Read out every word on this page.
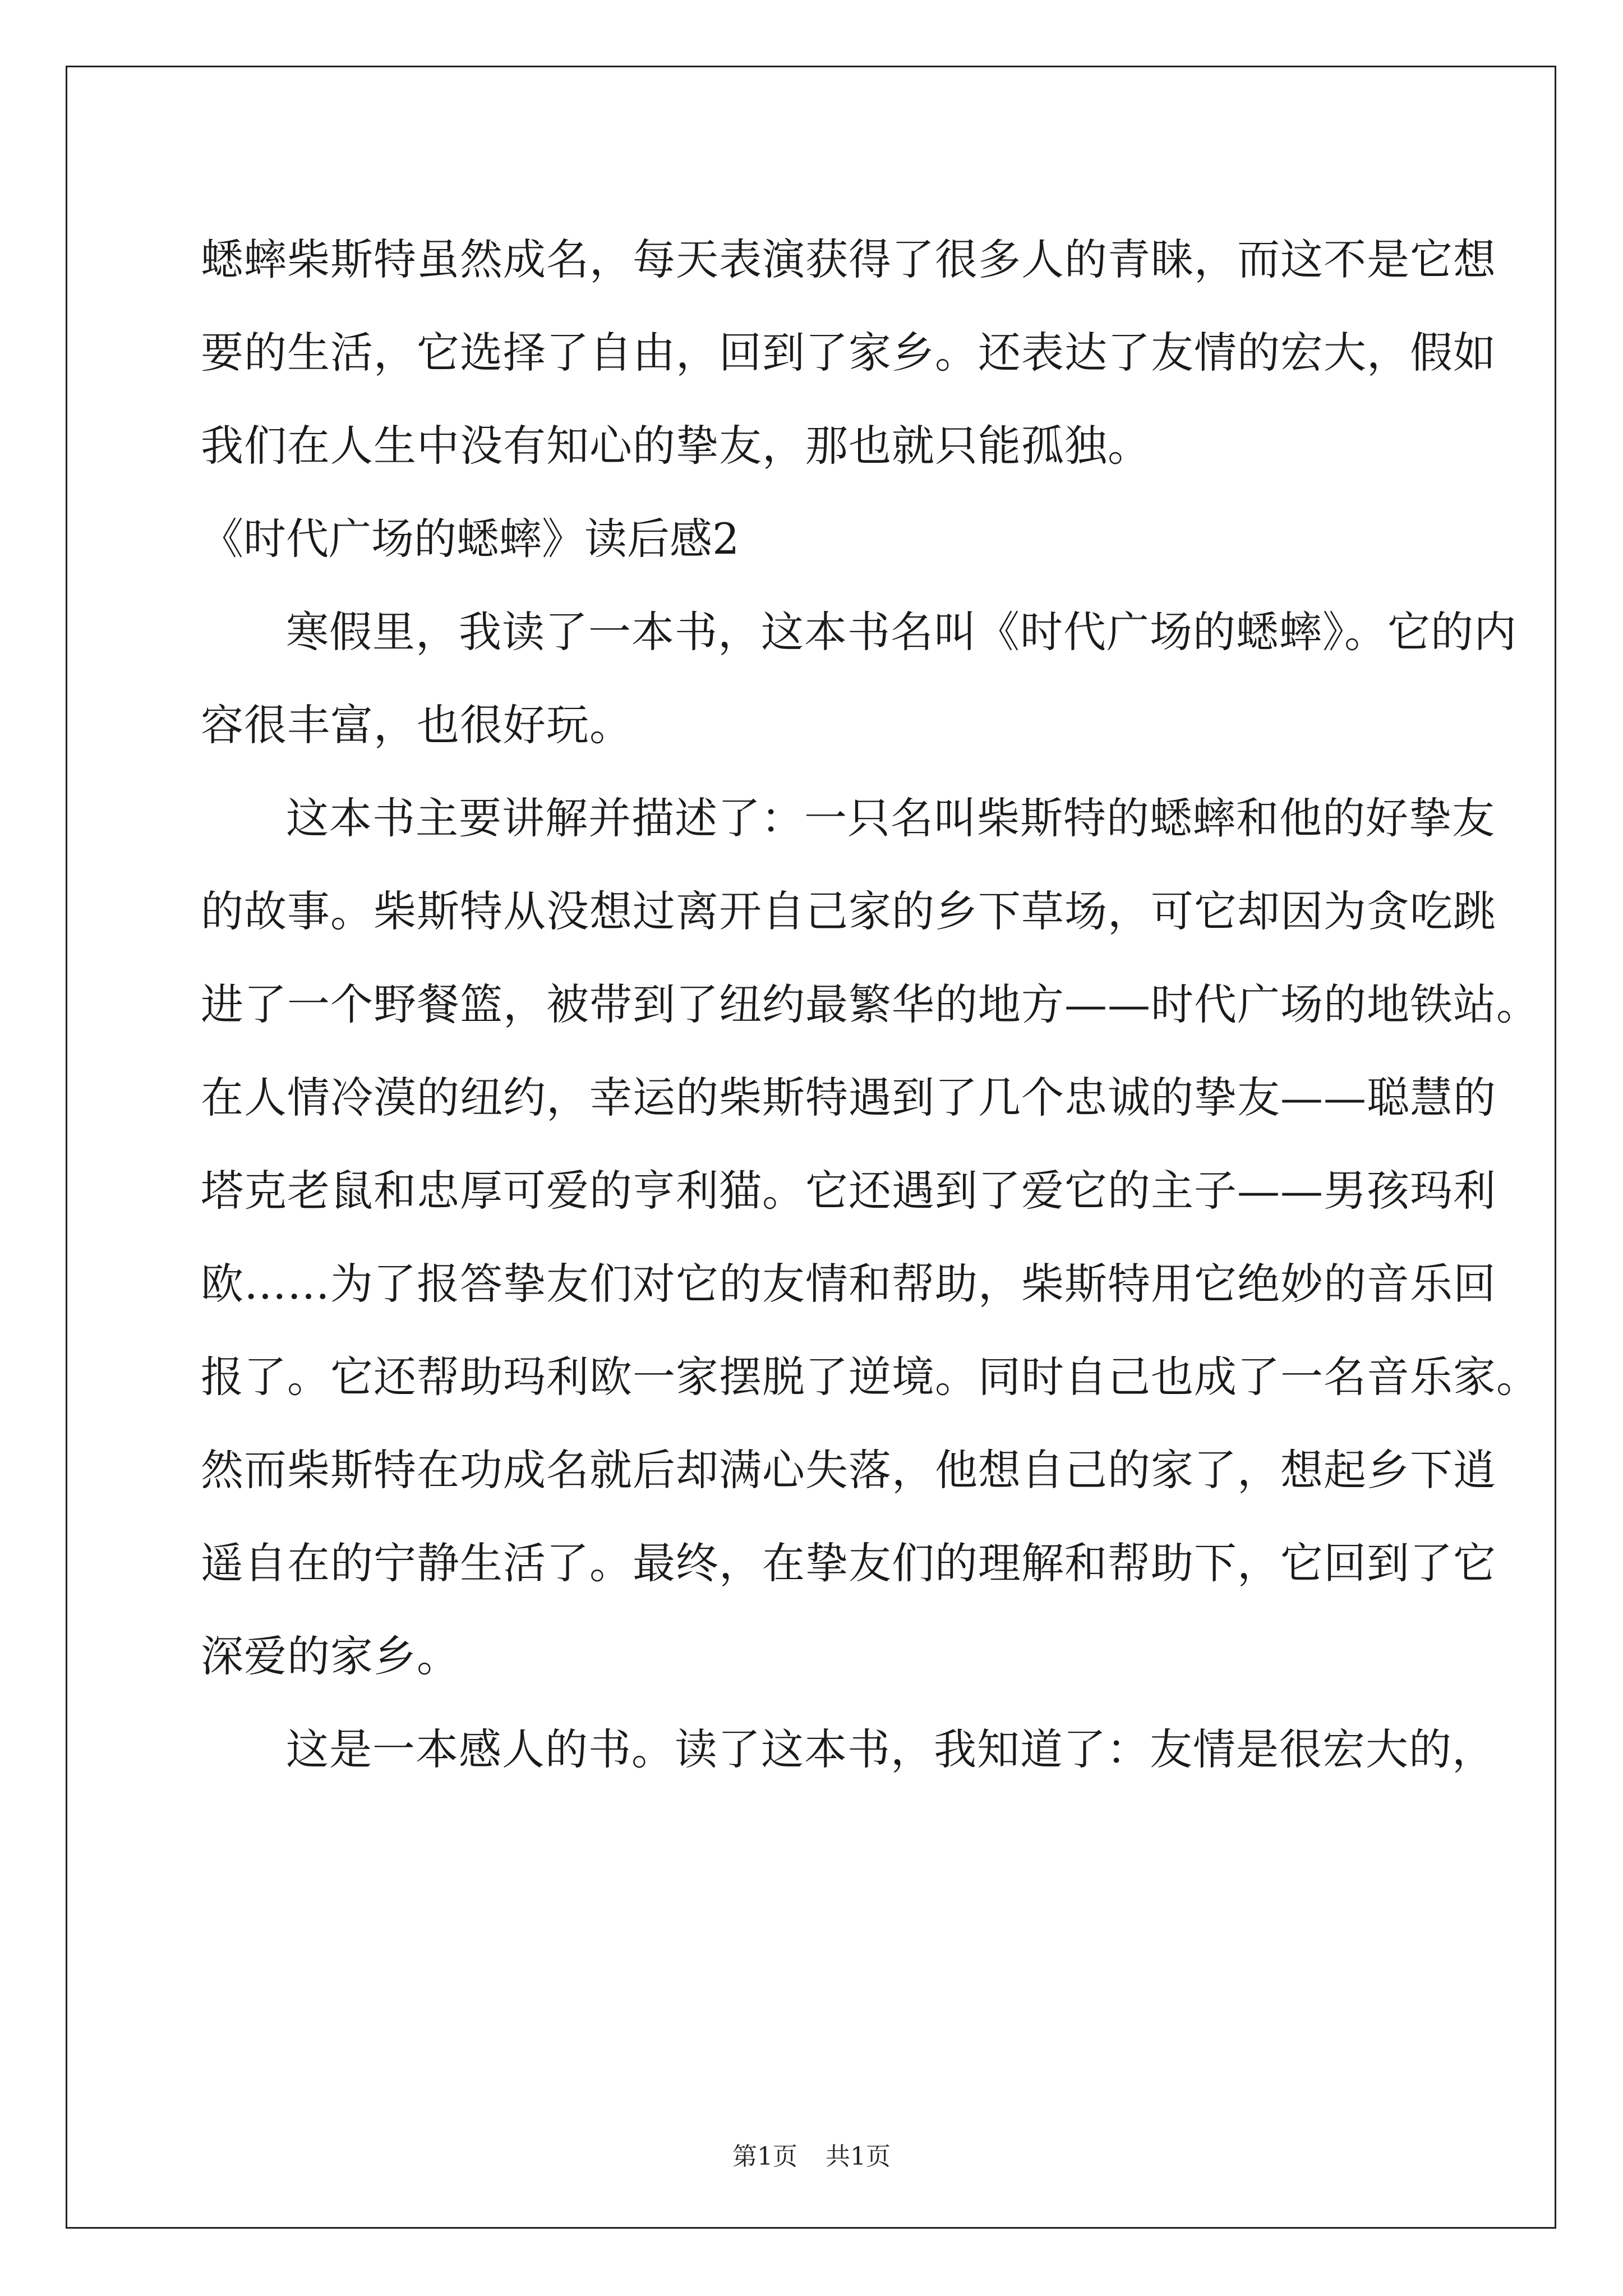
蟋蟀柴斯特虽然成名，每天表演获得了很多人的青睐，而这不是它想
要的生活，它选择了自由，回到了家乡。还表达了友情的宏大，假如
我们在人生中没有知心的挚友，那也就只能孤独。
《时代广场的蟋蟀》读后感2
寒假里，我读了一本书，这本书名叫《时代广场的蟋蟀》。它的内
容很丰富，也很好玩。
这本书主要讲解并描述了：一只名叫柴斯特的蟋蟀和他的好挚友
的故事。柴斯特从没想过离开自己家的乡下草场，可它却因为贪吃跳
进了一个野餐篮，被带到了纽约最繁华的地方——时代广场的地铁站。
在人情冷漠的纽约，幸运的柴斯特遇到了几个忠诚的挚友——聪慧的
塔克老鼠和忠厚可爱的亨利猫。它还遇到了爱它的主子——男孩玛利
欧……为了报答挚友们对它的友情和帮助，柴斯特用它绝妙的音乐回
报了。它还帮助玛利欧一家摆脱了逆境。同时自己也成了一名音乐家。
然而柴斯特在功成名就后却满心失落，他想自己的家了，想起乡下逍
遥自在的宁静生活了。最终，在挚友们的理解和帮助下，它回到了它
深爱的家乡。
这是一本感人的书。读了这本书，我知道了：友情是很宏大的，
第1页 共1页
